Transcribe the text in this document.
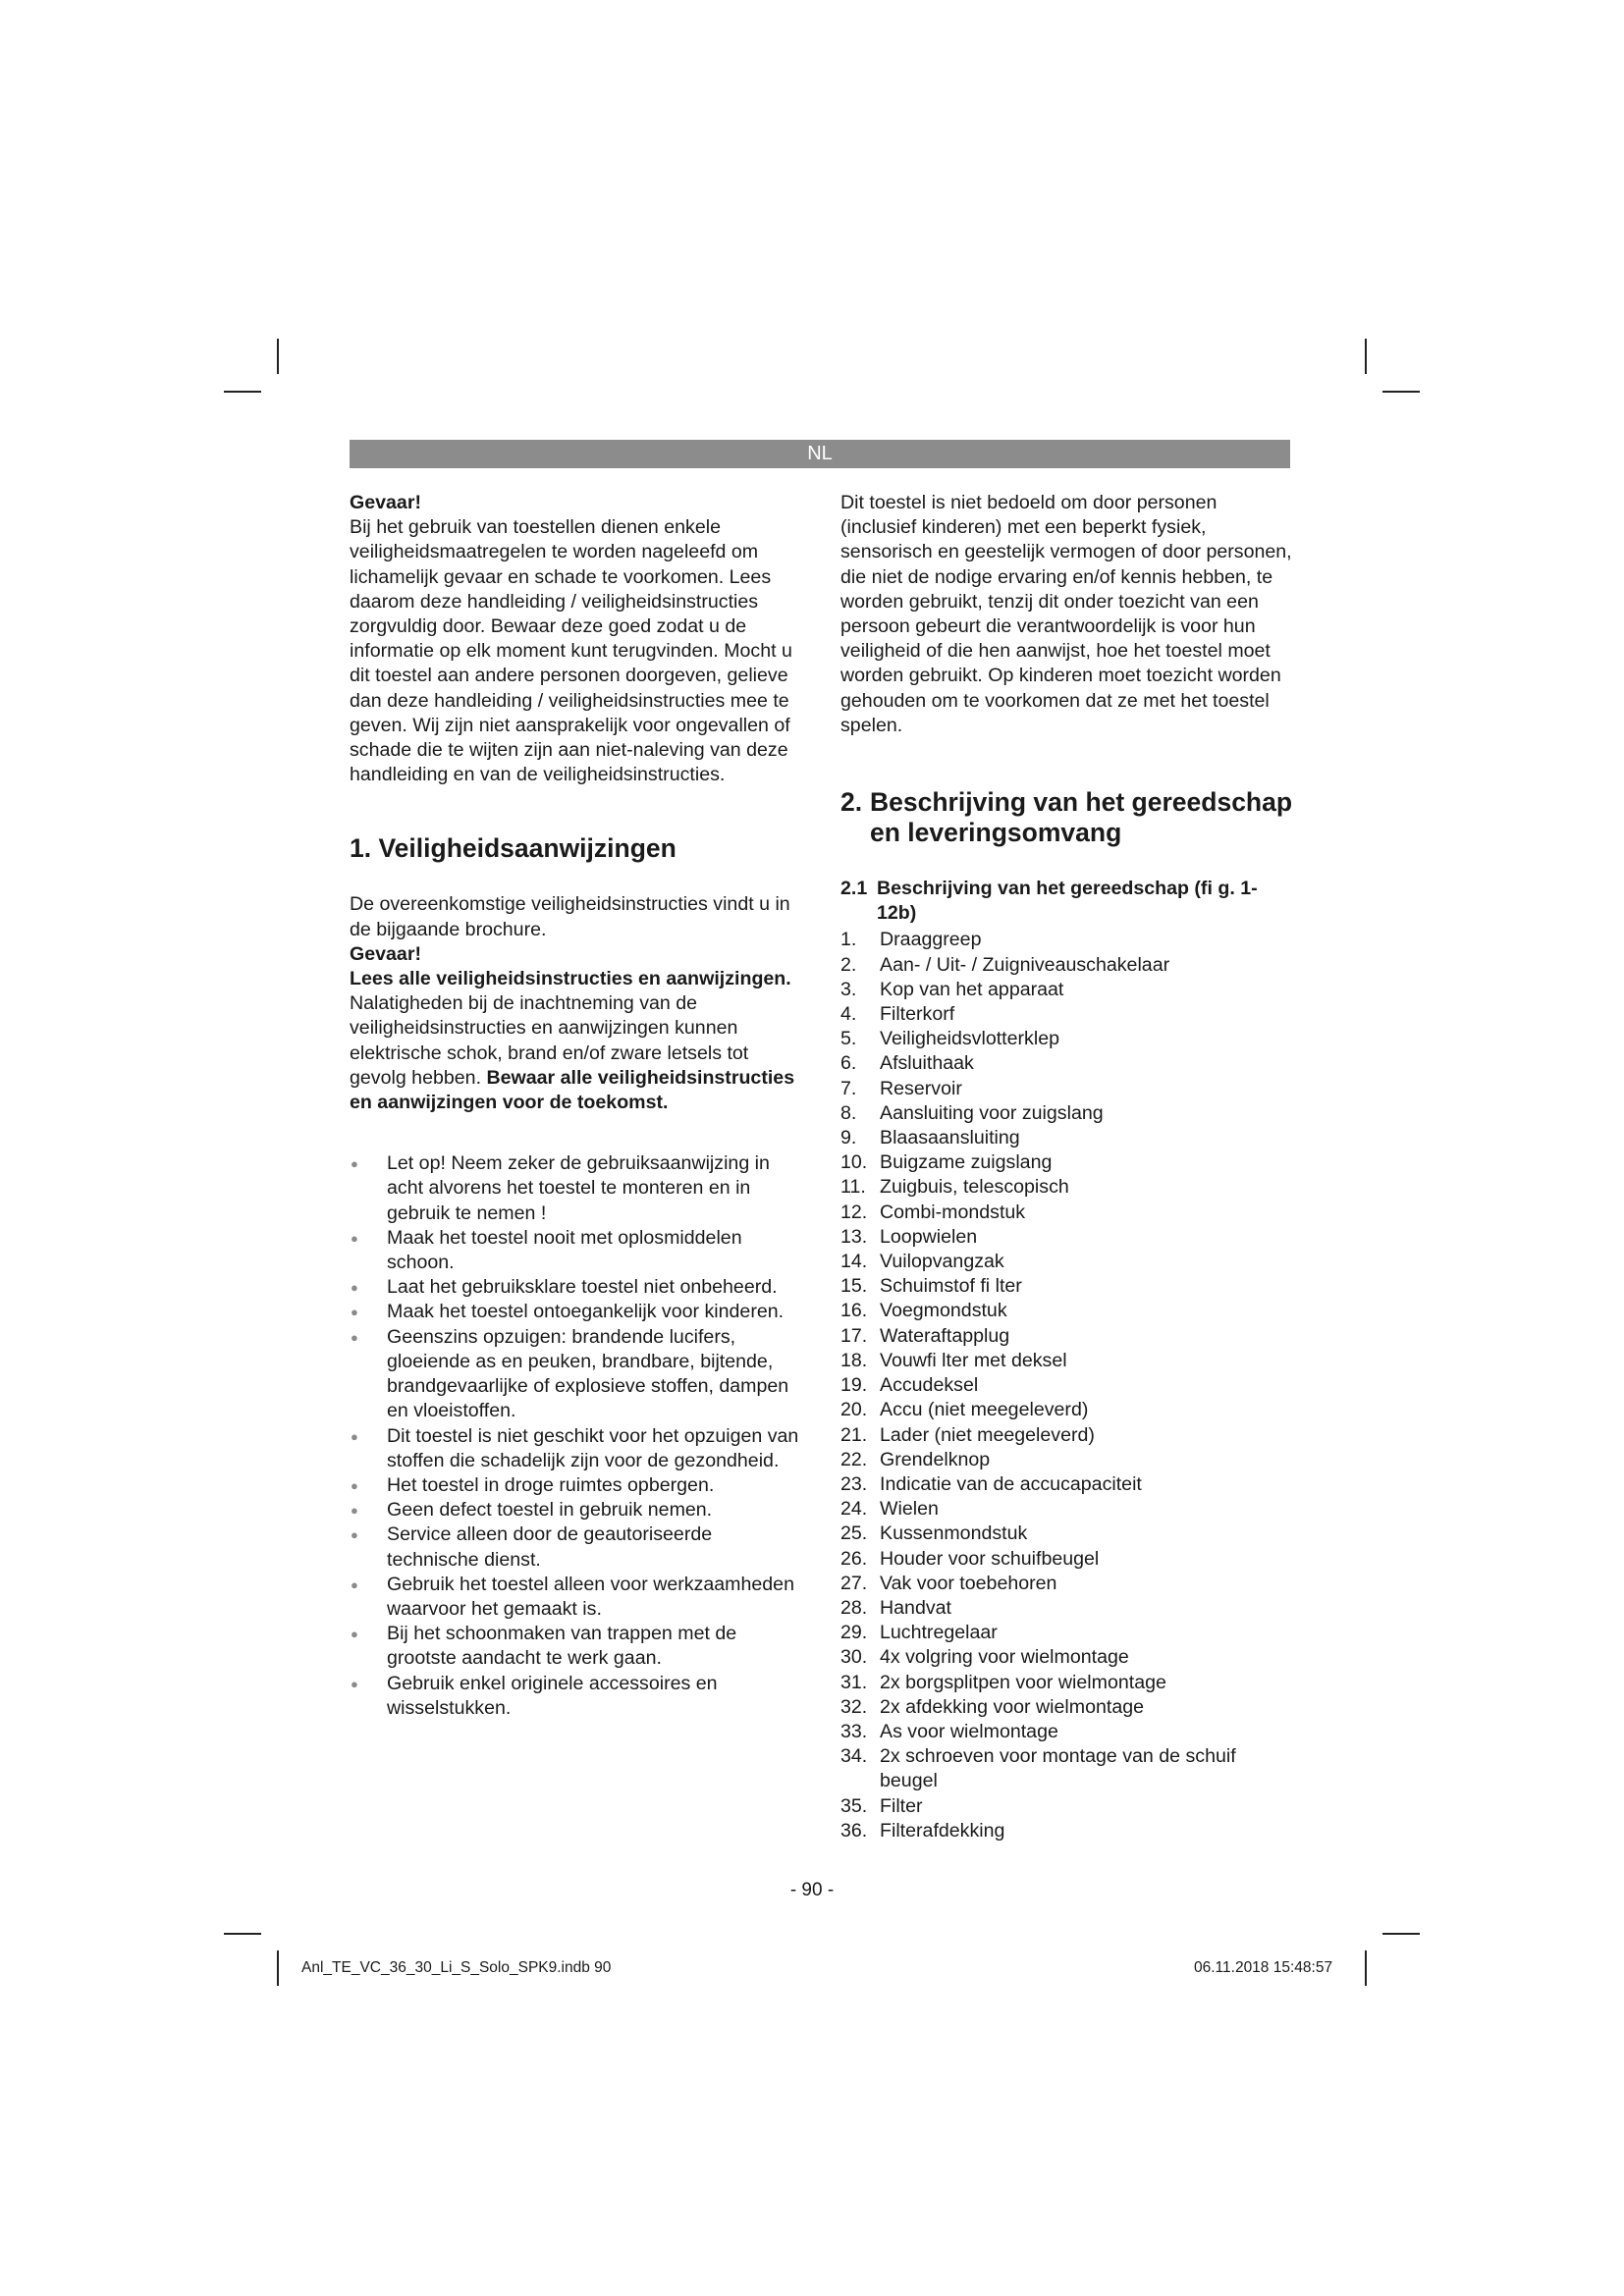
NL

Gevaar!

Bij het gebruik van toestellen dienen enkele veiligheidsmaatregelen te worden nageleefd om lichamelijk gevaar en schade te voorkomen. Lees daarom deze handleiding / veiligheidsinstructies zorgvuldig door. Bewaar deze goed zodat u de informatie op elk moment kunt terugvinden. Mocht u dit toestel aan andere personen doorgeven, gelieve dan deze handleiding / veiligheidsinstructies mee te geven. Wij zijn niet aansprakelijk voor ongevallen of schade die te wijten zijn aan niet-naleving van deze handleiding en van de veiligheidsinstructies.

1. Veiligheidsaanwijzingen

De overeenkomstige veiligheidsinstructies vindt u in de bijgaande brochure.

Gevaar!

Lees alle veiligheidsinstructies en aanwijzingen. Nalatigheden bij de inachtneming van de veiligheidsinstructies en aanwijzingen kunnen elektrische schok, brand en/of zware letsels tot gevolg hebben. Bewaar alle veiligheidsinstructies en aanwijzingen voor de toekomst.

●	Let op! Neem zeker de gebruiksaanwijzing in acht alvorens het toestel te monteren en in gebruik te nemen !
●	Maak het toestel nooit met oplosmiddelen schoon.
●	Laat het gebruiksklare toestel niet onbeheerd.
●	Maak het toestel ontoegankelijk voor kinderen.
●	Geenszins opzuigen: brandende lucifers, gloeiende as en peuken, brandbare, bijtende, brandgevaarlijke of explosieve stoffen, dampen en vloeistoffen.
●	Dit toestel is niet geschikt voor het opzuigen van stoffen die schadelijk zijn voor de gezondheid.
●	Het toestel in droge ruimtes opbergen.
●	Geen defect toestel in gebruik nemen.
●	Service alleen door de geautoriseerde technische dienst.
●	Gebruik het toestel alleen voor werkzaamheden waarvoor het gemaakt is.
●	Bij het schoonmaken van trappen met de grootste aandacht te werk gaan.
●	Gebruik enkel originele accessoires en wisselstukken.

Dit toestel is niet bedoeld om door personen (inclusief kinderen) met een beperkt fysiek, sensorisch en geestelijk vermogen of door personen, die niet de nodige ervaring en/of kennis hebben, te worden gebruikt, tenzij dit onder toezicht van een persoon gebeurt die verantwoordelijk is voor hun veiligheid of die hen aanwijst, hoe het toestel moet worden gebruikt. Op kinderen moet toezicht worden gehouden om te voorkomen dat ze met het toestel spelen.

2. Beschrijving van het gereedschap en leveringsomvang
2.1 Beschrijving van het gereedschap (fi g. 1-12b)
1.	Draaggreep
2.	Aan- / Uit- / Zuigniveauschakelaar
3.	Kop van het apparaat
4.	Filterkorf
5.	Veiligheidsvlotterklep
6.	Afsluithaak
7.	Reservoir
8.	Aansluiting voor zuigslang
9.	Blaasaansluiting
10. Buigzame zuigslang
11. Zuigbuis, telescopisch
12. Combi-mondstuk
13. Loopwielen
14. Vuilopvangzak
15. Schuimstof fi lter
16. Voegmondstuk
17. Wateraftapplug
18. Vouwfi lter met deksel
19. Accudeksel
20. Accu (niet meegeleverd)
21. Lader (niet meegeleverd)
22. Grendelknop
23. Indicatie van de accucapaciteit
24. Wielen
25. Kussenmondstuk
26. Houder voor schuifbeugel
27. Vak voor toebehoren
28. Handvat
29. Luchtregelaar
30. 4x volgring voor wielmontage
31. 2x borgsplitpen voor wielmontage
32. 2x afdekking voor wielmontage
33. As voor wielmontage
34. 2x schroeven voor montage van de schuif beugel
35. Filter
36. Filterafdekking
- 90 -
Anl_TE_VC_36_30_Li_S_Solo_SPK9.indb 90	06.11.2018 15:48:57
